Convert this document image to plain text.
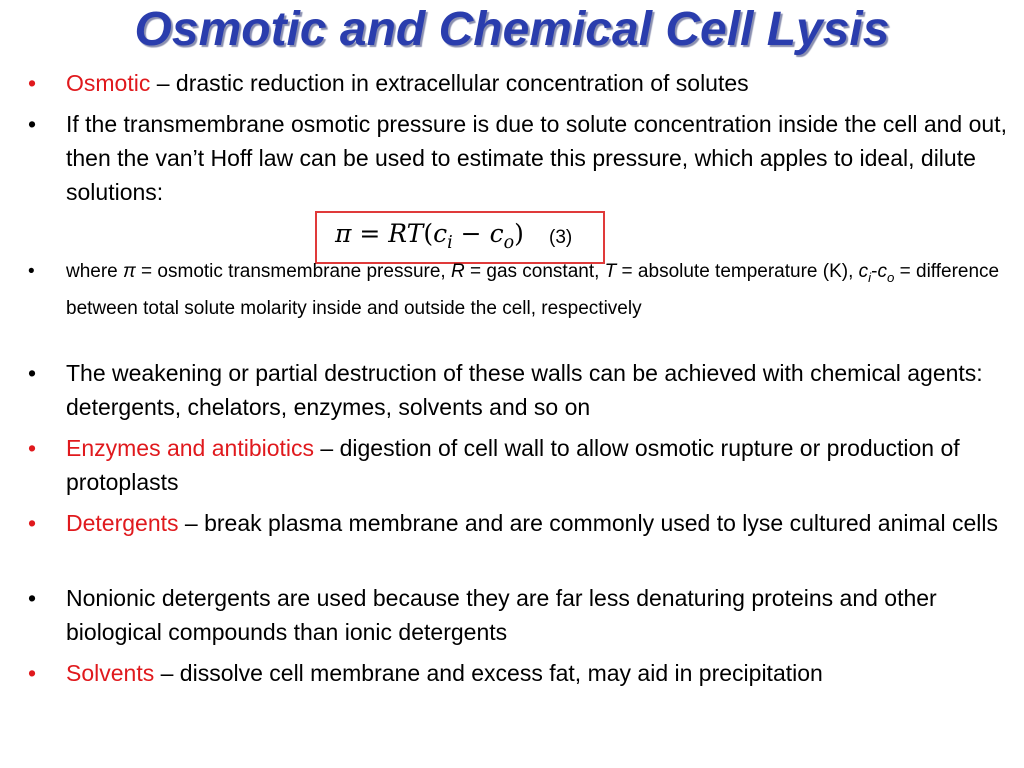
Osmotic and Chemical Cell Lysis
• Osmotic – drastic reduction in extracellular concentration of solutes
• If the transmembrane osmotic pressure is due to solute concentration inside the cell and out, then the van’t Hoff law can be used to estimate this pressure, which apples to ideal, dilute solutions:
$\pi = RT(c_i - c_o)$ (3)
• where π = osmotic transmembrane pressure, R = gas constant, T = absolute temperature (K), $c_i-c_o$ = difference between total solute molarity inside and outside the cell, respectively
• The weakening or partial destruction of these walls can be achieved with chemical agents: detergents, chelators, enzymes, solvents and so on
• Enzymes and antibiotics – digestion of cell wall to allow osmotic rupture or production of protoplasts
• Detergents – break plasma membrane and are commonly used to lyse cultured animal cells
• Nonionic detergents are used because they are far less denaturing proteins and other biological compounds than ionic detergents
• Solvents – dissolve cell membrane and excess fat, may aid in precipitation
